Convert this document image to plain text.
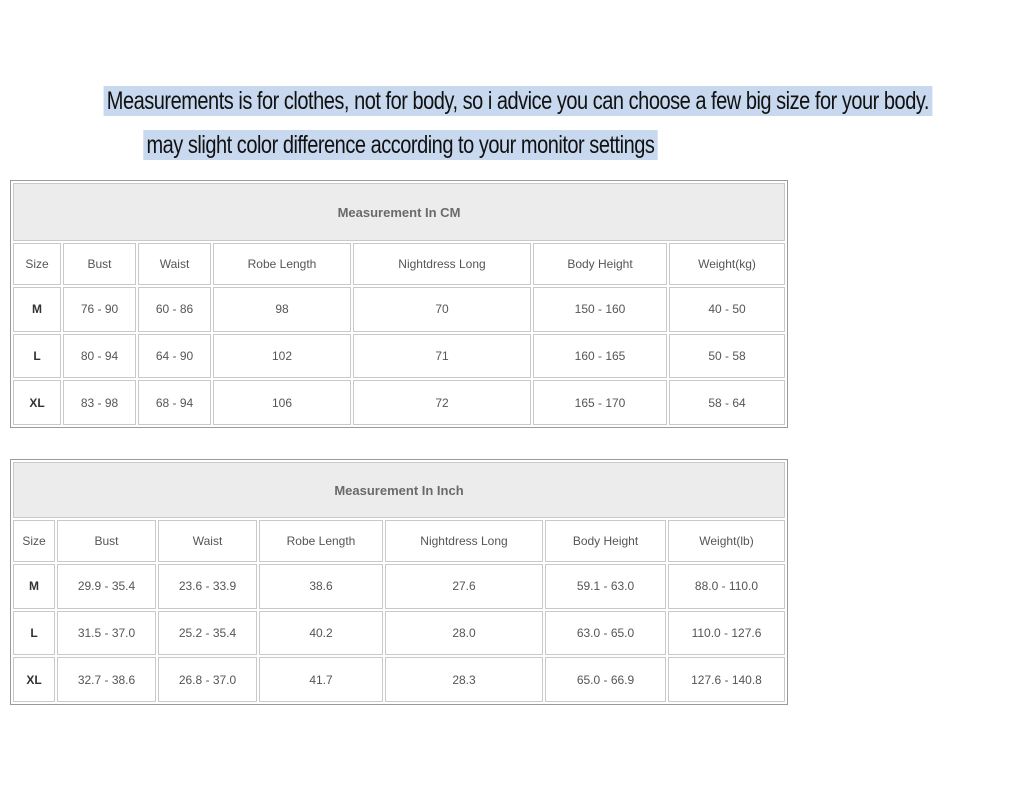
Measurements is for clothes, not for body, so i advice you can choose a few big size for your body.
may slight color difference according to your monitor settings
Measurement In CM						
Size	Bust	Waist	Robe Length	Nightdress Long	Body Height	Weight(kg)
M	76 - 90	60 - 86	98	70	150 - 160	40 - 50
L	80 - 94	64 - 90	102	71	160 - 165	50 - 58
XL	83 - 98	68 - 94	106	72	165 - 170	58 - 64
Measurement In Inch						
Size	Bust	Waist	Robe Length	Nightdress Long	Body Height	Weight(lb)
M	29.9 - 35.4	23.6 - 33.9	38.6	27.6	59.1 - 63.0	88.0 - 110.0
L	31.5 - 37.0	25.2 - 35.4	40.2	28.0	63.0 - 65.0	110.0 - 127.6
XL	32.7 - 38.6	26.8 - 37.0	41.7	28.3	65.0 - 66.9	127.6 - 140.8
